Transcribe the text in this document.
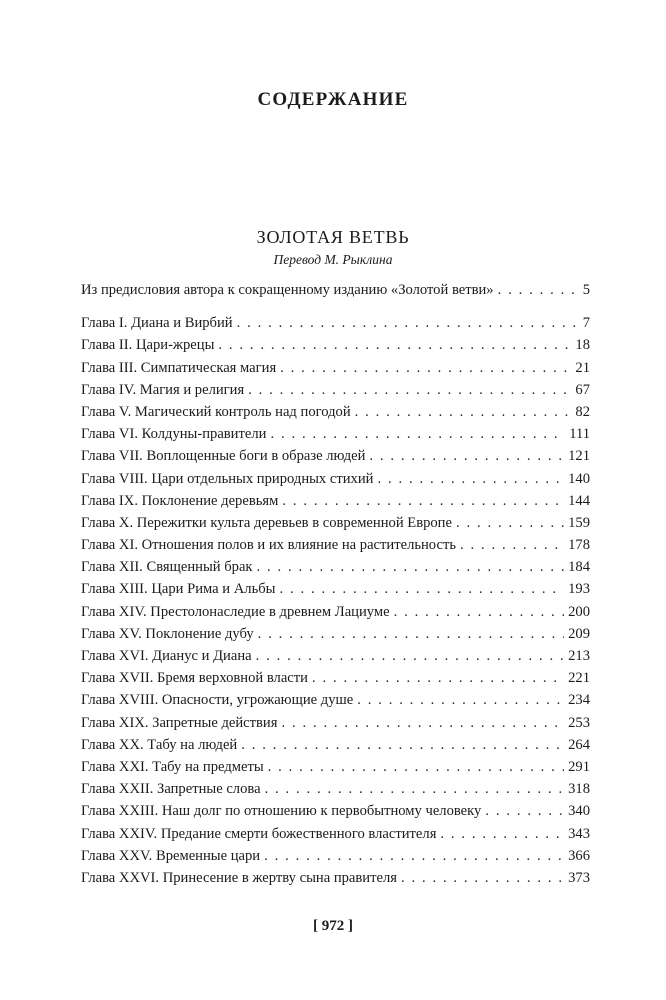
СОДЕРЖАНИЕ
ЗОЛОТАЯ ВЕТВЬ
Перевод М. Рыклина
Из предисловия автора к сокращенному изданию «Золотой ветви» . . .	5
Глава I. Диана и Вирбий . . .	7
Глава II. Цари-жрецы . . .	18
Глава III. Симпатическая магия . . .	21
Глава IV. Магия и религия . . .	67
Глава V. Магический контроль над погодой . . .	82
Глава VI. Колдуны-правители . . .	111
Глава VII. Воплощенные боги в образе людей . . .	121
Глава VIII. Цари отдельных природных стихий . . .	140
Глава IX. Поклонение деревьям . . .	144
Глава X. Пережитки культа деревьев в современной Европе . . .	159
Глава XI. Отношения полов и их влияние на растительность . . .	178
Глава XII. Священный брак . . .	184
Глава XIII. Цари Рима и Альбы . . .	193
Глава XIV. Престолонаследие в древнем Лациуме . . .	200
Глава XV. Поклонение дубу . . .	209
Глава XVI. Дианус и Диана . . .	213
Глава XVII. Бремя верховной власти . . .	221
Глава XVIII. Опасности, угрожающие душе . . .	234
Глава XIX. Запретные действия . . .	253
Глава XX. Табу на людей . . .	264
Глава XXI. Табу на предметы . . .	291
Глава XXII. Запретные слова . . .	318
Глава XXIII. Наш долг по отношению к первобытному человеку . . .	340
Глава XXIV. Предание смерти божественного властителя . . .	343
Глава XXV. Временные цари . . .	366
Глава XXVI. Принесение в жертву сына правителя . . .	373
[ 972 ]
